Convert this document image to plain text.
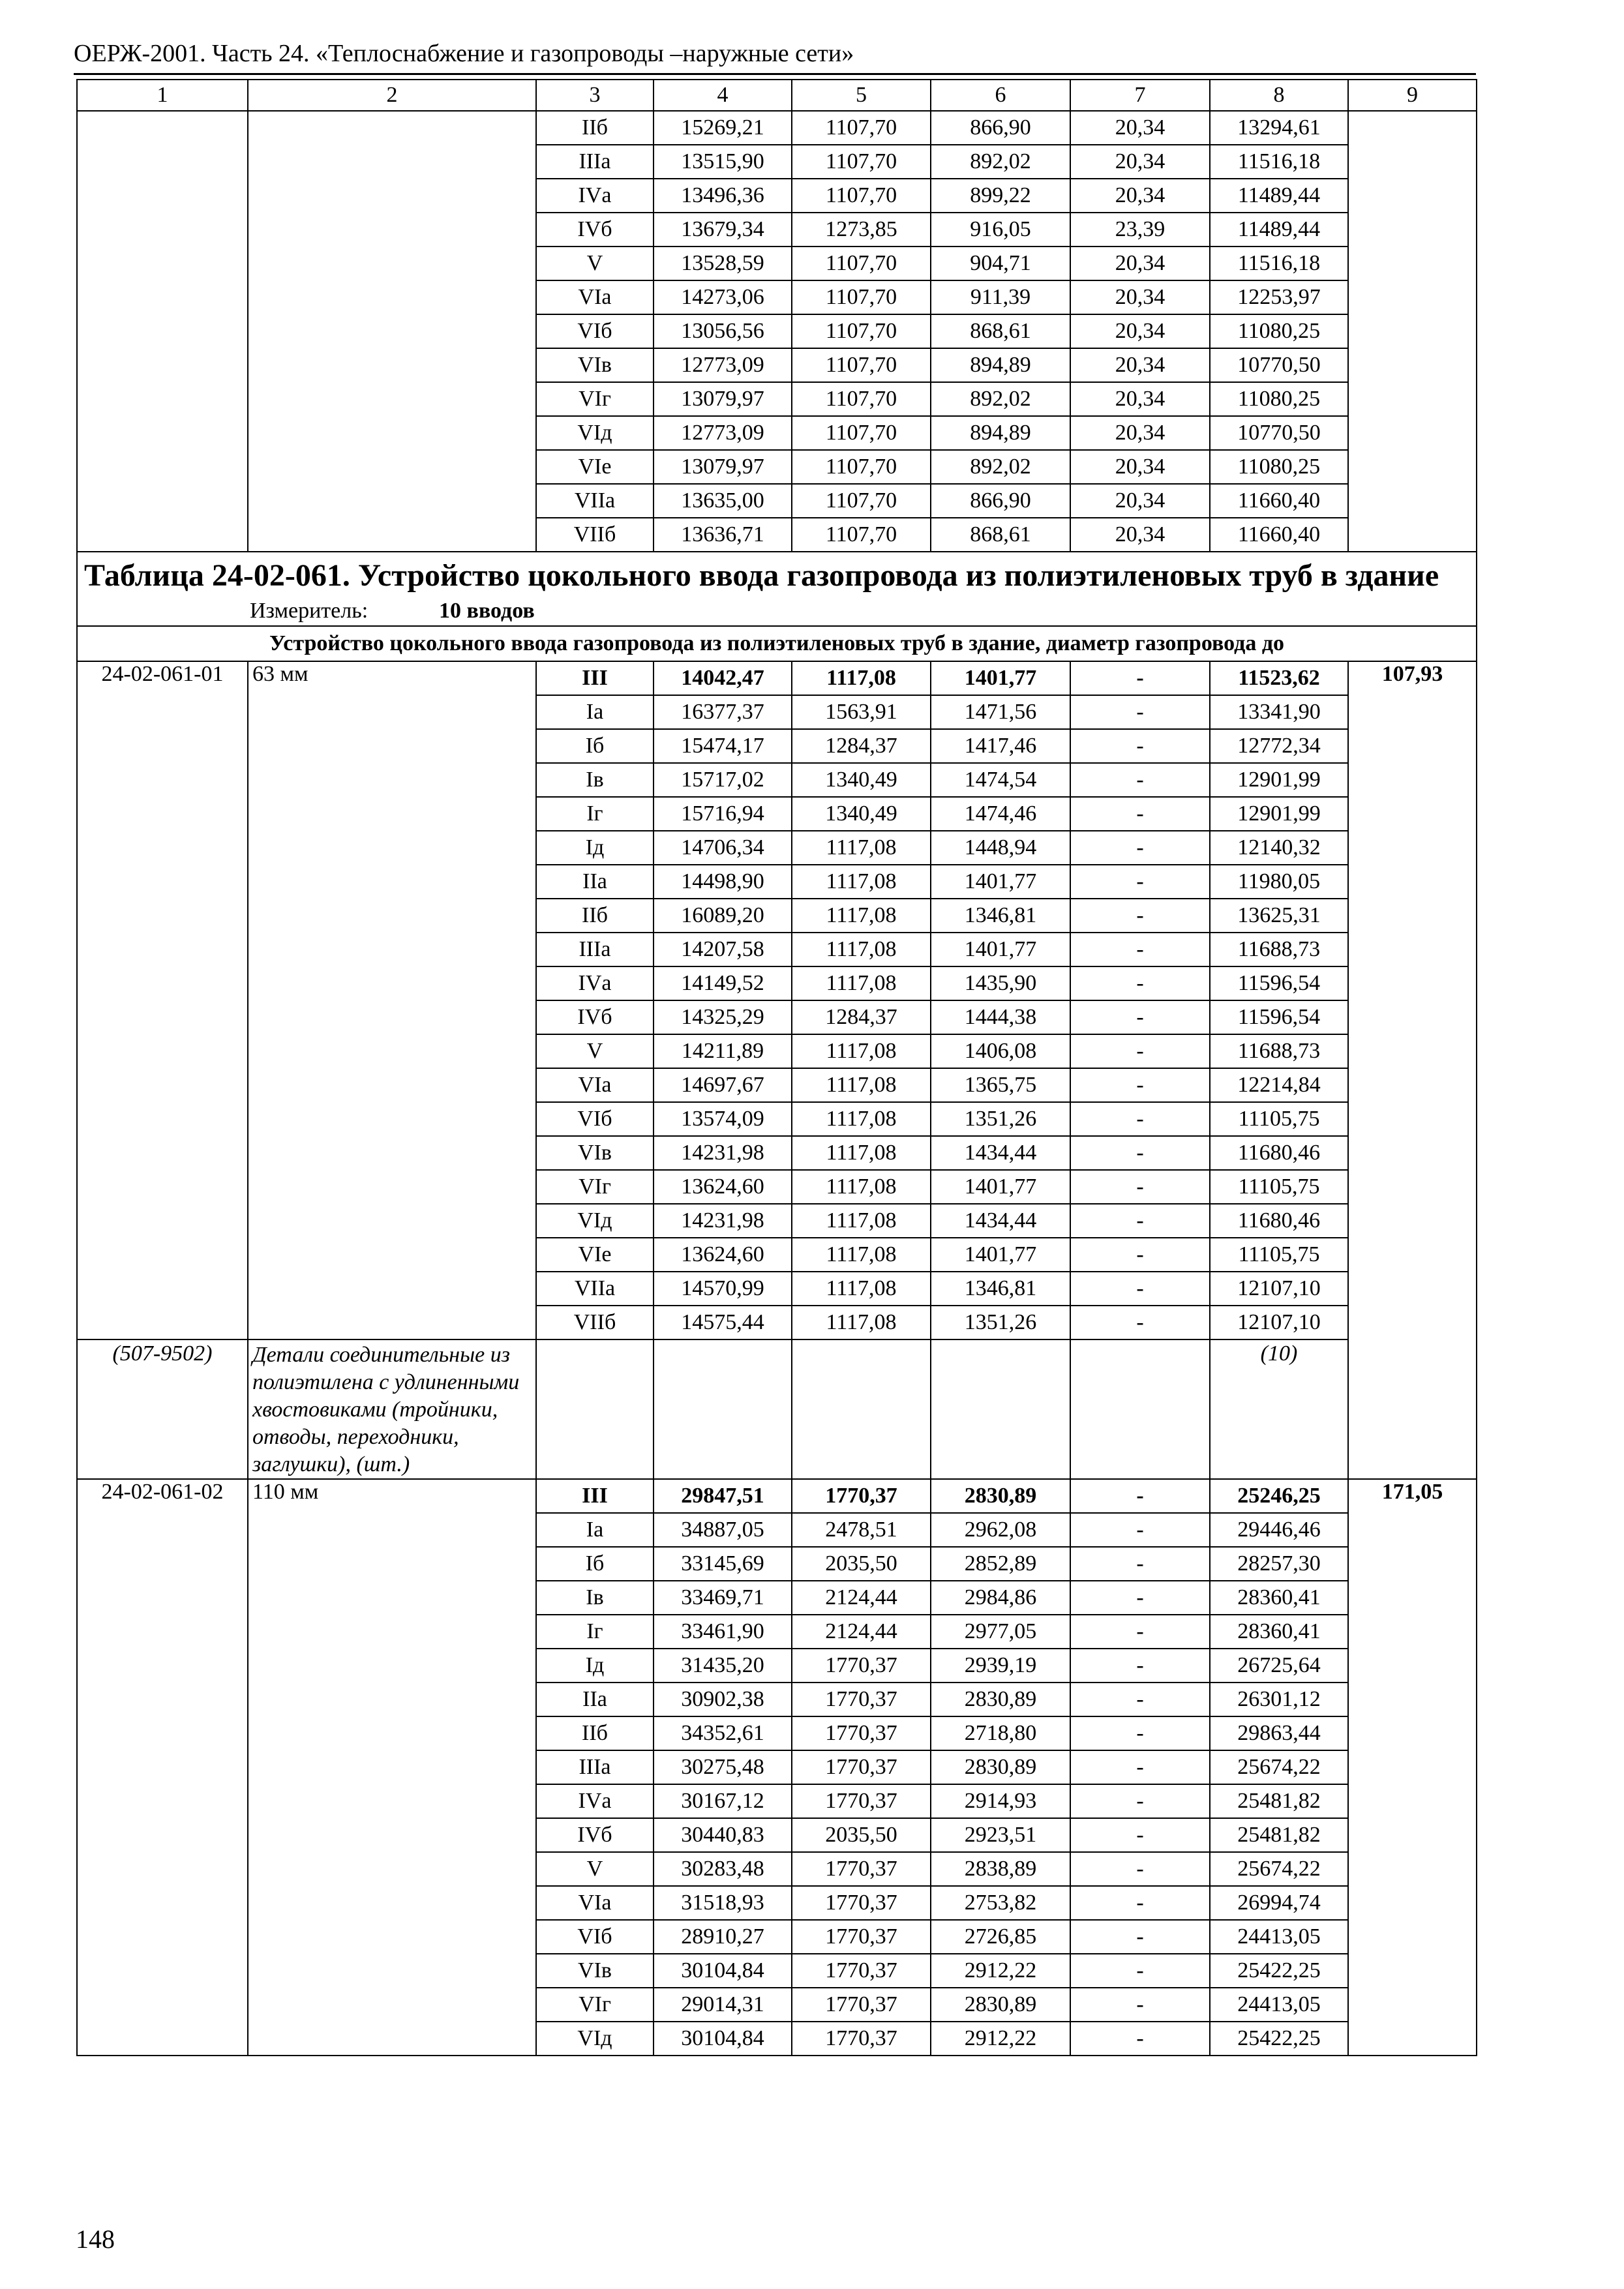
ОЕРЖ-2001. Часть 24. «Теплоснабжение и газопроводы –наружные сети»
1	2	3	4	5	6	7	8	9
		IIб	15269,21	1107,70	866,90	20,34	13294,61	
		IIIа	13515,90	1107,70	892,02	20,34	11516,18	
		IVа	13496,36	1107,70	899,22	20,34	11489,44	
		IVб	13679,34	1273,85	916,05	23,39	11489,44	
		V	13528,59	1107,70	904,71	20,34	11516,18	
		VIа	14273,06	1107,70	911,39	20,34	12253,97	
		VIб	13056,56	1107,70	868,61	20,34	11080,25	
		VIв	12773,09	1107,70	894,89	20,34	10770,50	
		VIг	13079,97	1107,70	892,02	20,34	11080,25	
		VIд	12773,09	1107,70	894,89	20,34	10770,50	
		VIе	13079,97	1107,70	892,02	20,34	11080,25	
		VIIа	13635,00	1107,70	866,90	20,34	11660,40	
		VIIб	13636,71	1107,70	868,61	20,34	11660,40	
Таблица 24-02-061. Устройство цокольного ввода газопровода из полиэтиленовых труб в здание								
Измеритель: 10 вводов								
Устройство цокольного ввода газопровода из полиэтиленовых труб в здание, диаметр газопровода до								
24-02-061-01	63 мм	III	14042,47	1117,08	1401,77	-	11523,62	107,93
		Iа	16377,37	1563,91	1471,56	-	13341,90	
		Iб	15474,17	1284,37	1417,46	-	12772,34	
		Iв	15717,02	1340,49	1474,54	-	12901,99	
		Iг	15716,94	1340,49	1474,46	-	12901,99	
		Iд	14706,34	1117,08	1448,94	-	12140,32	
		IIа	14498,90	1117,08	1401,77	-	11980,05	
		IIб	16089,20	1117,08	1346,81	-	13625,31	
		IIIа	14207,58	1117,08	1401,77	-	11688,73	
		IVа	14149,52	1117,08	1435,90	-	11596,54	
		IVб	14325,29	1284,37	1444,38	-	11596,54	
		V	14211,89	1117,08	1406,08	-	11688,73	
		VIа	14697,67	1117,08	1365,75	-	12214,84	
		VIб	13574,09	1117,08	1351,26	-	11105,75	
		VIв	14231,98	1117,08	1434,44	-	11680,46	
		VIг	13624,60	1117,08	1401,77	-	11105,75	
		VIд	14231,98	1117,08	1434,44	-	11680,46	
		VIе	13624,60	1117,08	1401,77	-	11105,75	
		VIIа	14570,99	1117,08	1346,81	-	12107,10	
		VIIб	14575,44	1117,08	1351,26	-	12107,10	
(507-9502)	Детали соединительные из полиэтилена с удлиненными хвостовиками (тройники, отводы, переходники, заглушки), (шт.)						(10)	
24-02-061-02	110 мм	III	29847,51	1770,37	2830,89	-	25246,25	171,05
		Iа	34887,05	2478,51	2962,08	-	29446,46	
		Iб	33145,69	2035,50	2852,89	-	28257,30	
		Iв	33469,71	2124,44	2984,86	-	28360,41	
		Iг	33461,90	2124,44	2977,05	-	28360,41	
		Iд	31435,20	1770,37	2939,19	-	26725,64	
		IIа	30902,38	1770,37	2830,89	-	26301,12	
		IIб	34352,61	1770,37	2718,80	-	29863,44	
		IIIа	30275,48	1770,37	2830,89	-	25674,22	
		IVа	30167,12	1770,37	2914,93	-	25481,82	
		IVб	30440,83	2035,50	2923,51	-	25481,82	
		V	30283,48	1770,37	2838,89	-	25674,22	
		VIа	31518,93	1770,37	2753,82	-	26994,74	
		VIб	28910,27	1770,37	2726,85	-	24413,05	
		VIв	30104,84	1770,37	2912,22	-	25422,25	
		VIг	29014,31	1770,37	2830,89	-	24413,05	
		VIд	30104,84	1770,37	2912,22	-	25422,25	
148
